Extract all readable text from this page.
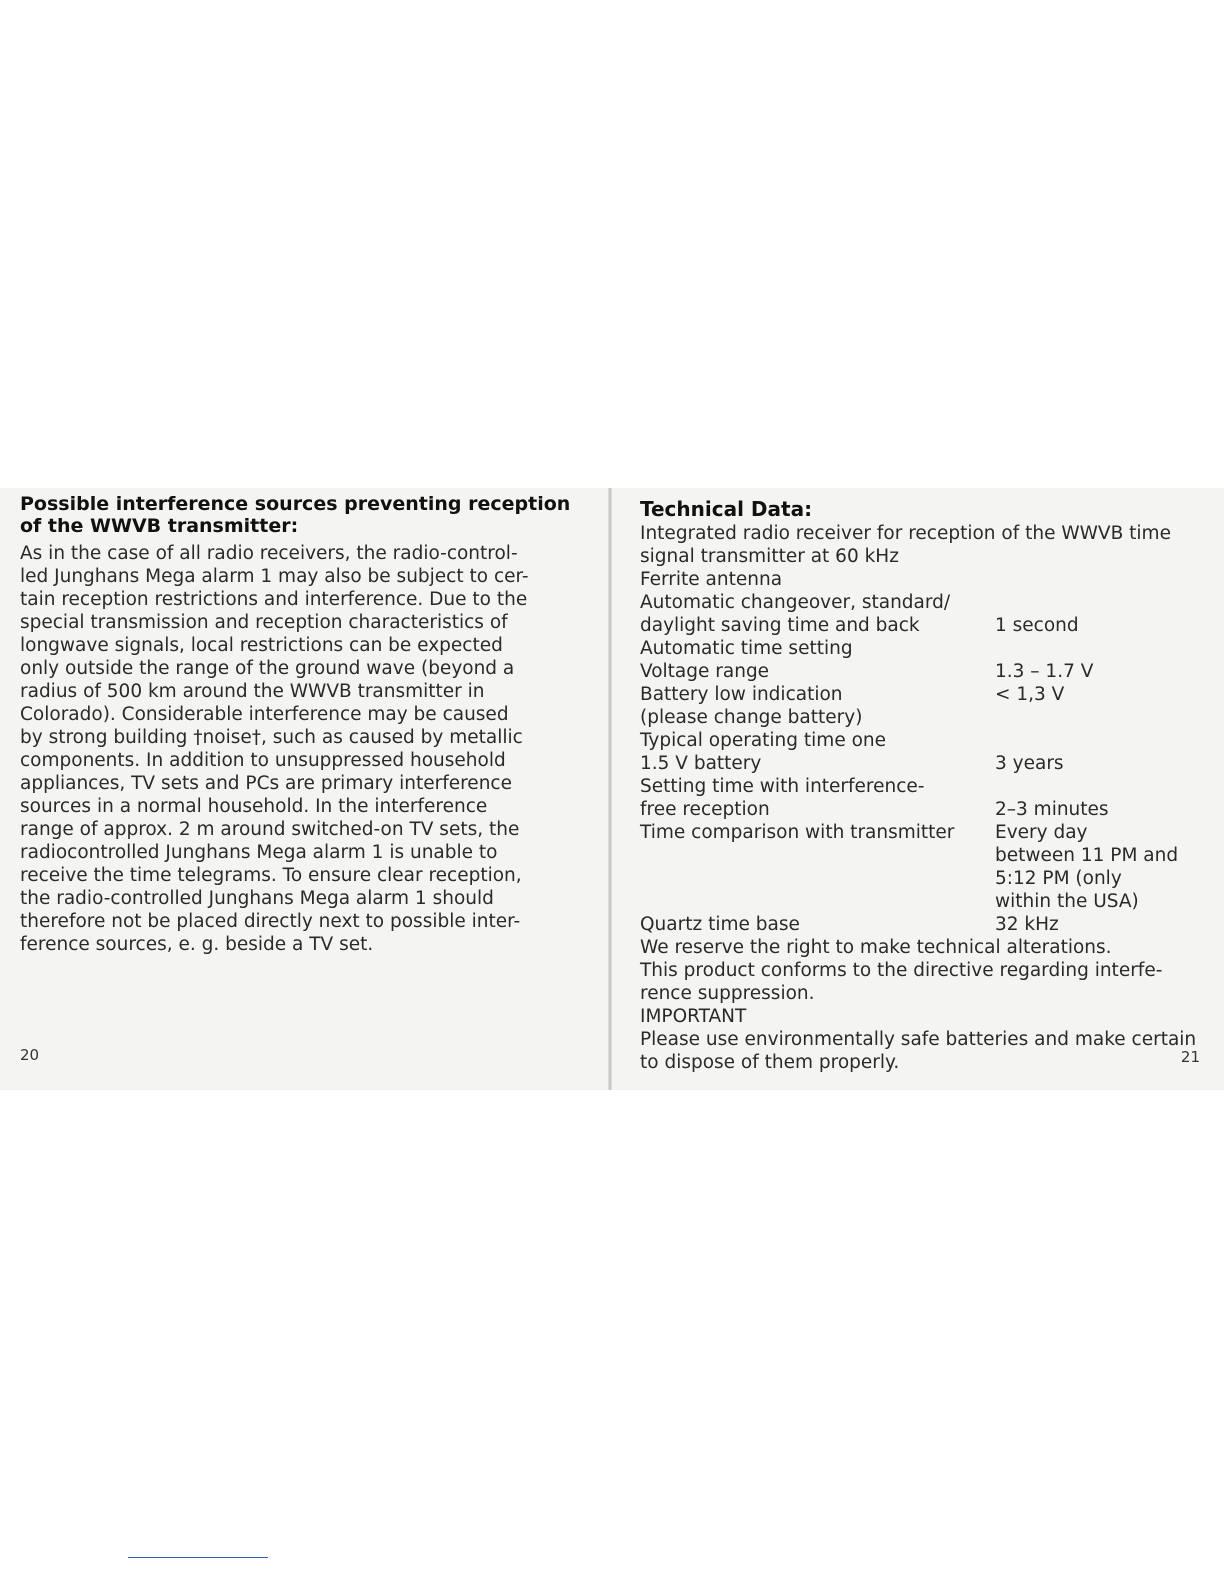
Possible interference sources preventing reception
of the WWVB transmitter:
As in the case of all radio receivers, the radio-control-
led Junghans Mega alarm 1 may also be subject to cer-
tain reception restrictions and interference. Due to the
special transmission and reception characteristics of
longwave signals, local restrictions can be expected
only outside the range of the ground wave (beyond a
radius of 500 km around the WWVB transmitter in
Colorado). Considerable interference may be caused
by strong building †noise†, such as caused by metallic
components. In addition to unsuppressed household
appliances, TV sets and PCs are primary interference
sources in a normal household. In the interference
range of approx. 2 m around switched-on TV sets, the
radiocontrolled Junghans Mega alarm 1 is unable to
receive the time telegrams. To ensure clear reception,
the radio-controlled Junghans Mega alarm 1 should
therefore not be placed directly next to possible inter-
ference sources, e. g. beside a TV set.
20
Technical Data:
Integrated radio receiver for reception of the WWVB time
signal transmitter at 60 kHz
Ferrite antenna
Automatic changeover, standard/
daylight saving time and back	1 second
Automatic time setting
Voltage range	1.3 – 1.7 V
Battery low indication	< 1,3 V
(please change battery)
Typical operating time one
1.5 V battery	3 years
Setting time with interference-
free reception	2–3 minutes
Time comparison with transmitter	Every day
between 11 PM and
5:12 PM (only
within the USA)
Quartz time base	32 kHz
We reserve the right to make technical alterations.
This product conforms to the directive regarding interfe-
rence suppression.
IMPORTANT
Please use environmentally safe batteries and make certain
to dispose of them properly.	21
